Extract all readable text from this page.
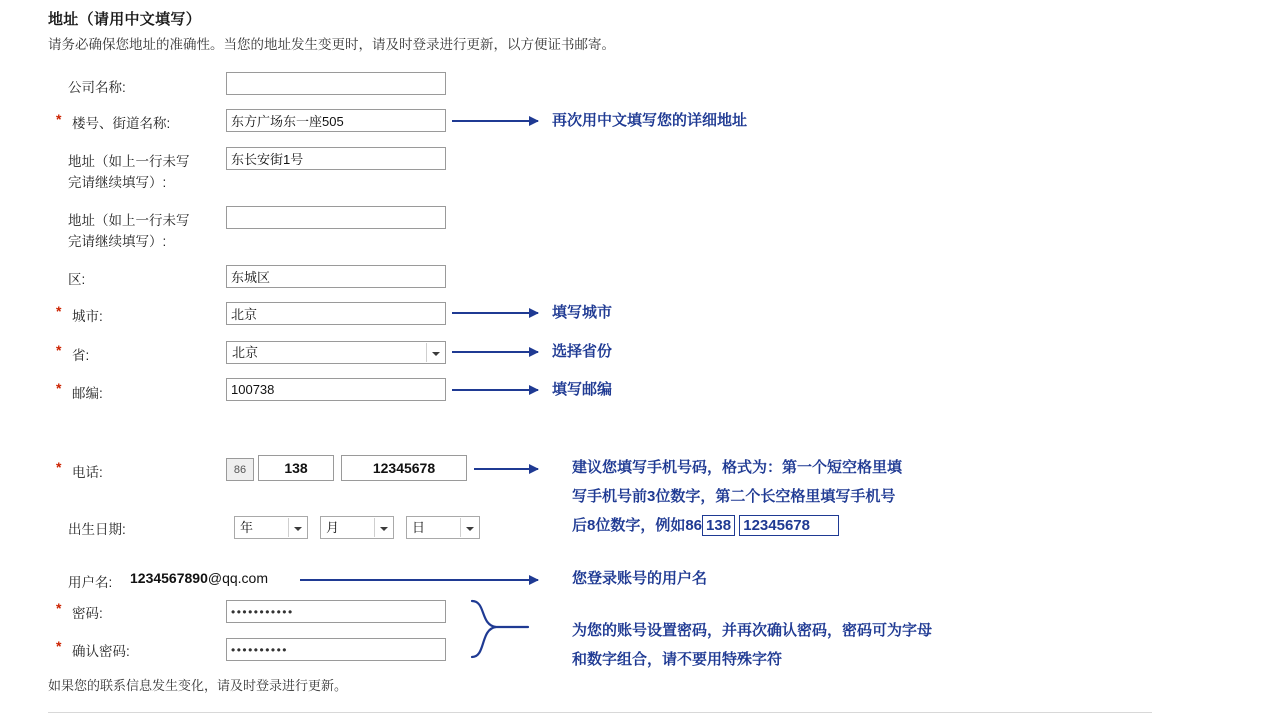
地址（请用中文填写）
请务必确保您地址的准确性。当您的地址发生变更时，请及时登录进行更新，以方便证书邮寄。
公司名称:
* 楼号、街道名称:
东方广场东一座505
地址（如上一行未写
完请继续填写）:
东长安街1号
地址（如上一行未写
完请继续填写）:
区:
东城区
* 城市:
北京
* 省:	北京
* 邮编:
100738
* 电话:
86
138
12345678
出生日期:	年	月	日
用户名: 1234567890@qq.com
* 密码:	•••••••••••
* 确认密码:	••••••••••
如果您的联系信息发生变化，请及时登录进行更新。
再次用中文填写您的详细地址
填写城市
选择省份
填写邮编
建议您填写手机号码，格式为：第一个短空格里填
写手机号前3位数字，第二个长空格里填写手机号
后8位数字，例如86 138 12345678
您登录账号的用户名
为您的账号设置密码，并再次确认密码，密码可为字母
和数字组合，请不要用特殊字符
